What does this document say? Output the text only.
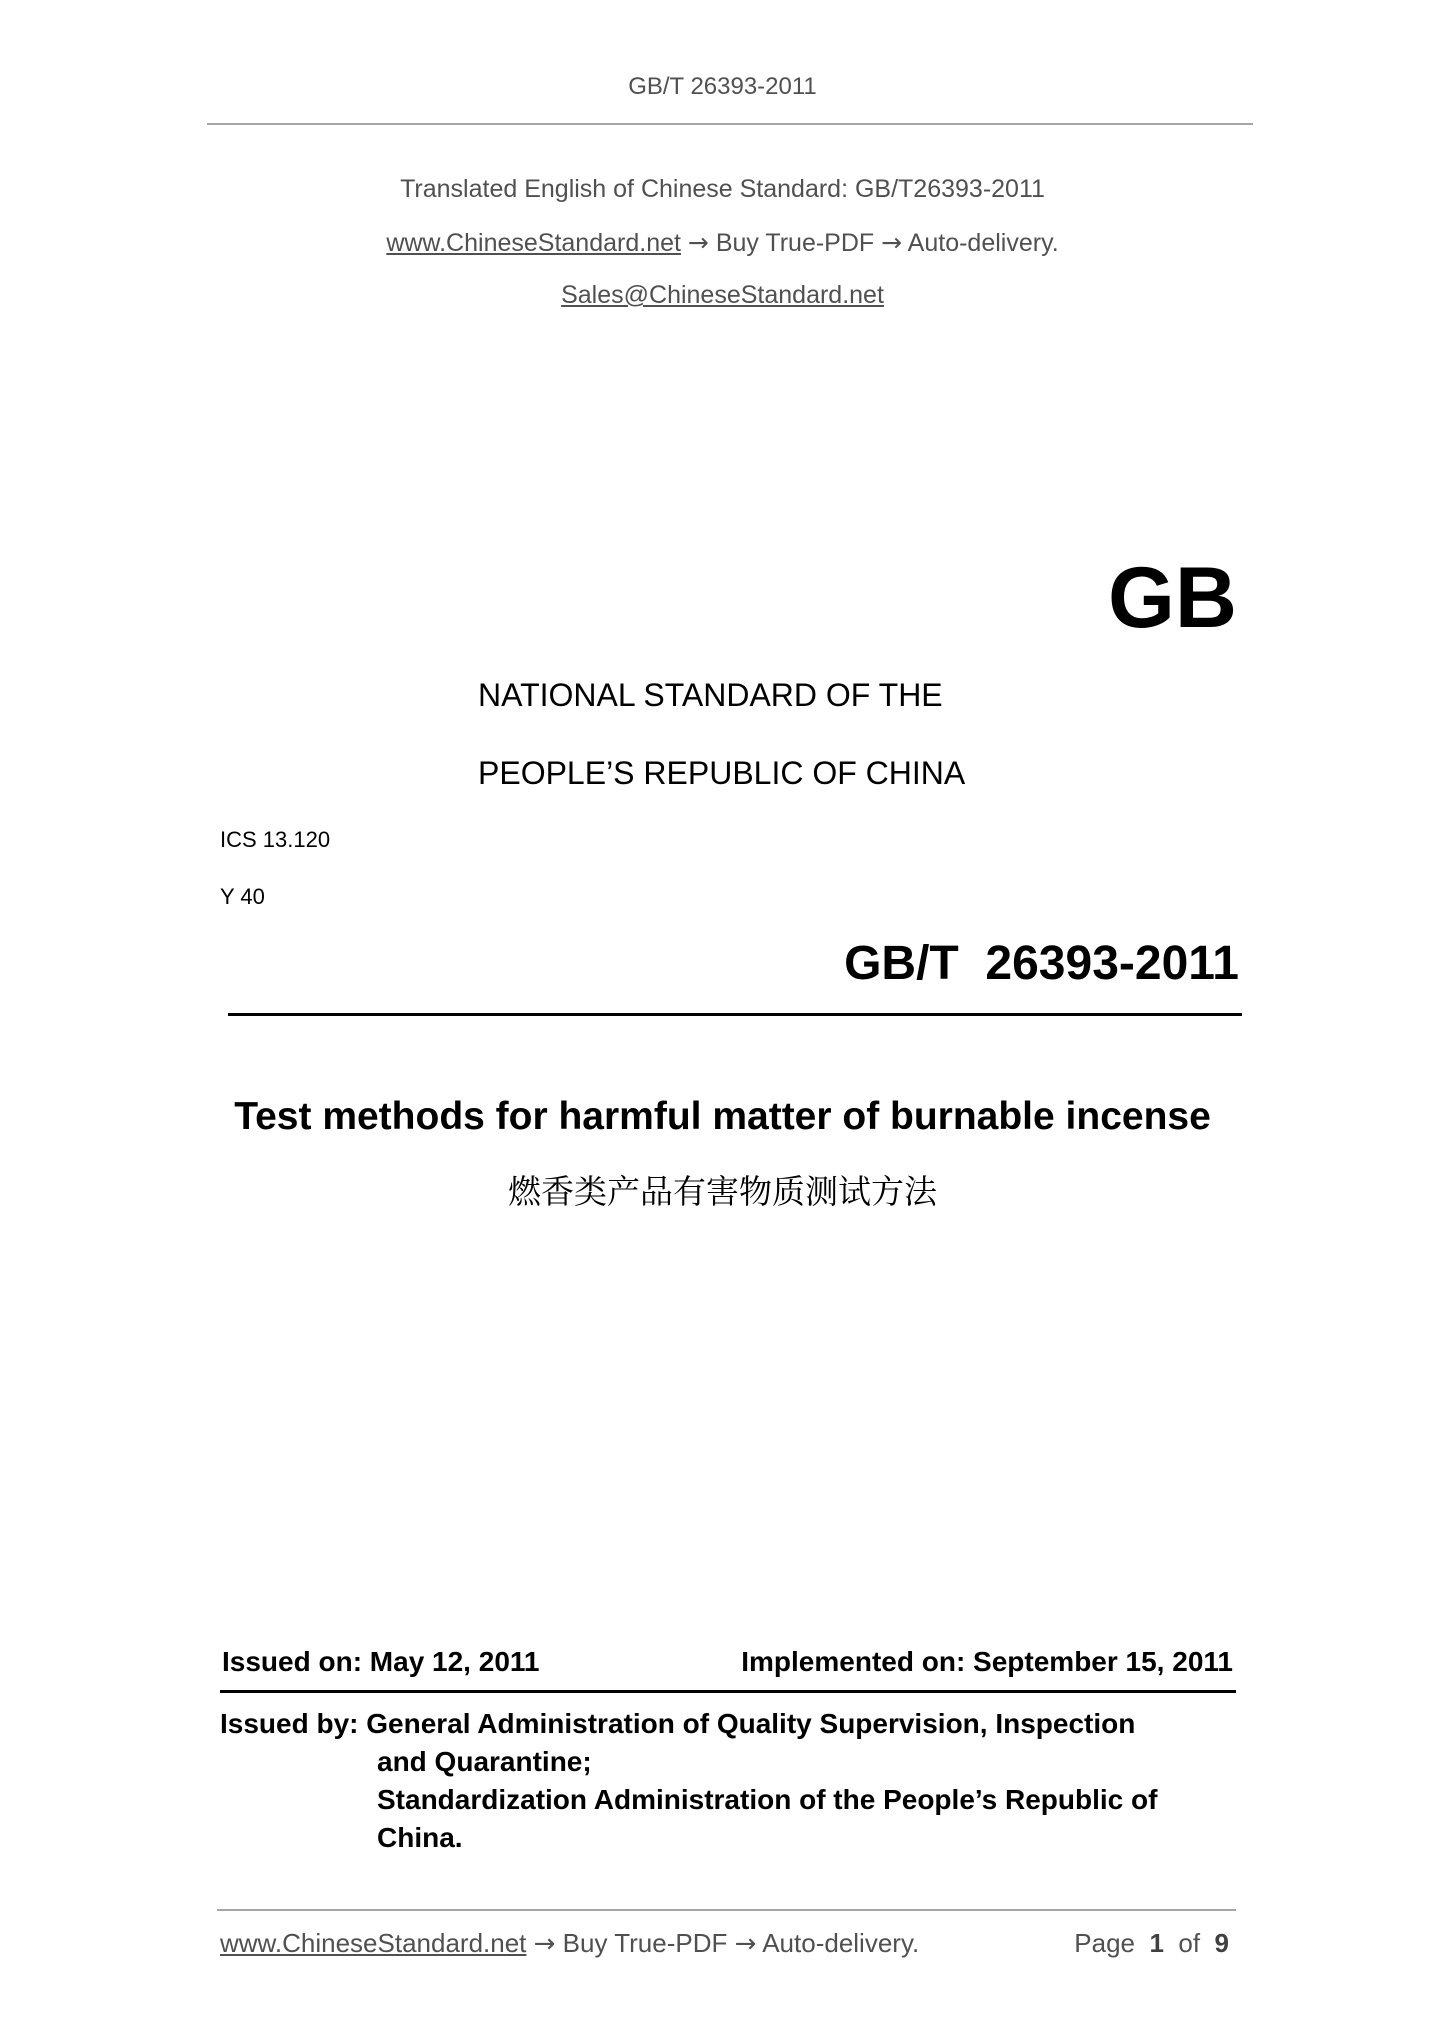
GB/T 26393-2011
Translated English of Chinese Standard: GB/T26393-2011
www.ChineseStandard.net → Buy True-PDF → Auto-delivery.
Sales@ChineseStandard.net
GB
NATIONAL STANDARD OF THE
PEOPLE’S REPUBLIC OF CHINA
ICS 13.120
Y 40
GB/T  26393-2011
Test methods for harmful matter of burnable incense
燃香类产品有害物质测试方法
Issued on: May 12, 2011	Implemented on: September 15, 2011
Issued by: General Administration of Quality Supervision, Inspection
and Quarantine;
Standardization Administration of the People’s Republic of
China.
www.ChineseStandard.net → Buy True-PDF → Auto-delivery.	Page 1 of 9
